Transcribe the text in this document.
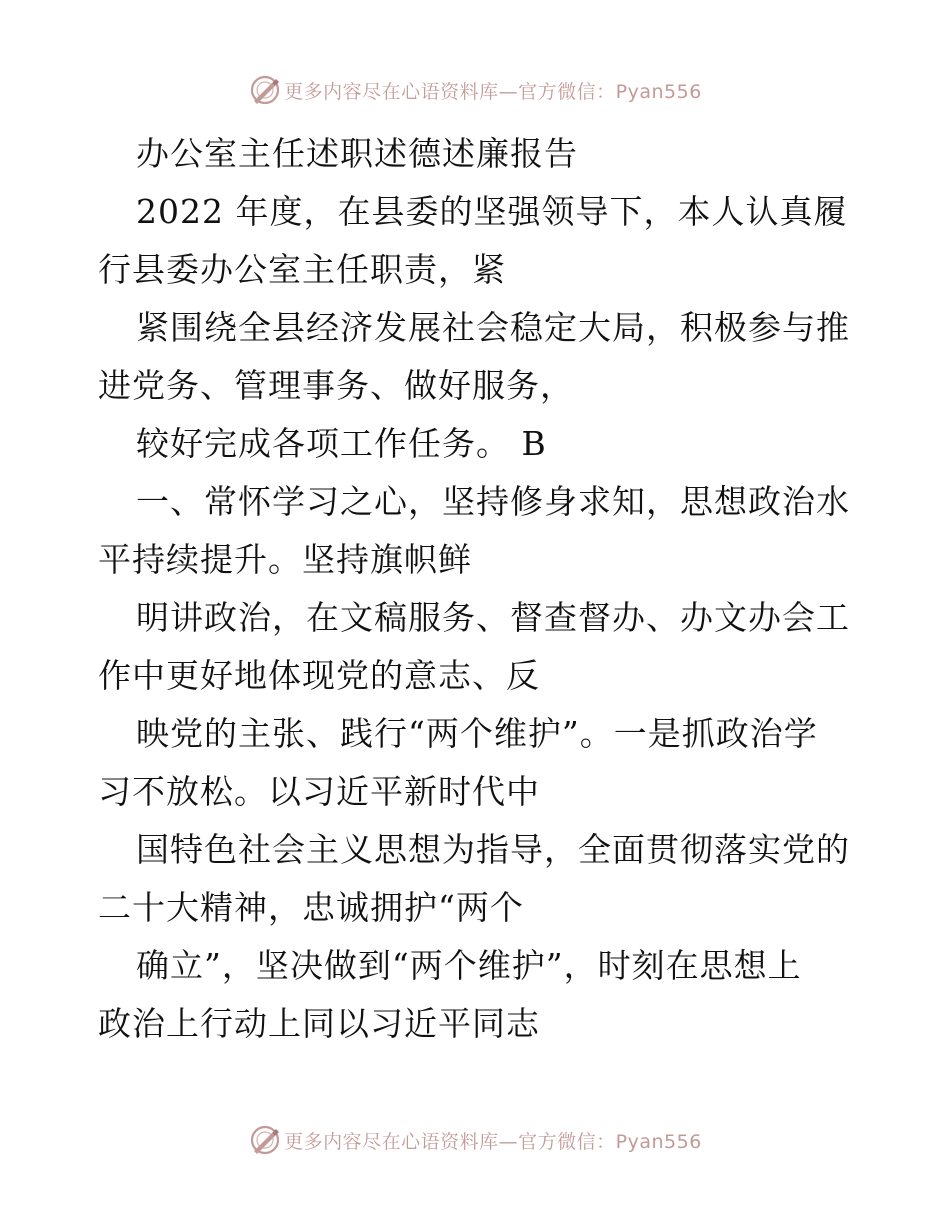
更多内容尽在心语资料库—官方微信：Pyan556
办公室主任述职述德述廉报告
2022 年度，在县委的坚强领导下，本人认真履
行县委办公室主任职责，紧
紧围绕全县经济发展社会稳定大局，积极参与推
进党务、管理事务、做好服务，
较好完成各项工作任务。 B
一、常怀学习之心，坚持修身求知，思想政治水
平持续提升。坚持旗帜鲜
明讲政治，在文稿服务、督查督办、办文办会工
作中更好地体现党的意志、反
映党的主张、践行“两个维护”。一是抓政治学
习不放松。以习近平新时代中
国特色社会主义思想为指导，全面贯彻落实党的
二十大精神，忠诚拥护“两个
确立”，坚决做到“两个维护”，时刻在思想上
政治上行动上同以习近平同志
更多内容尽在心语资料库—官方微信：Pyan556
